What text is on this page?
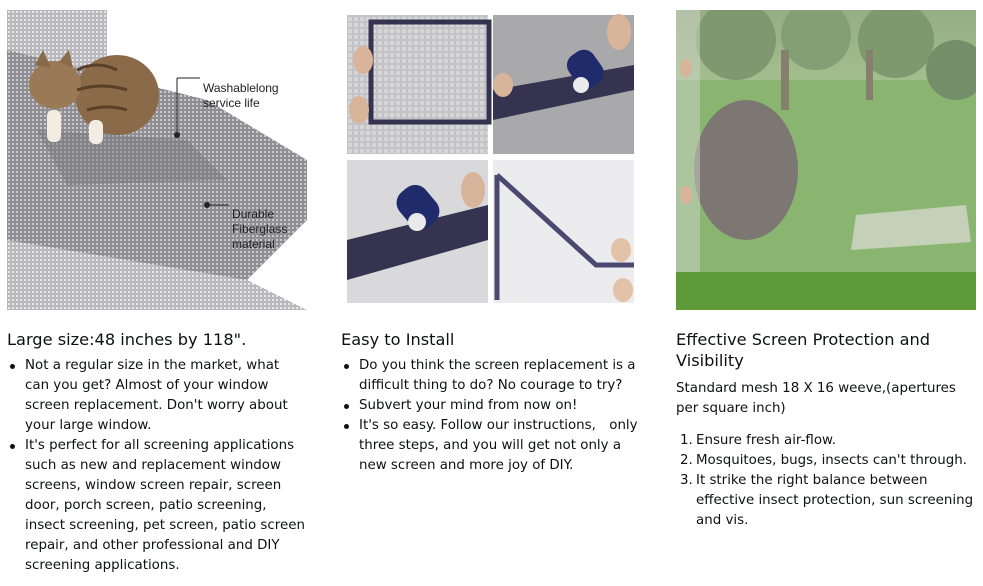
Washablelong
service life
Durable
Fiberglass
material
Large size:48 inches by 118".
Not a regular size in the market, what can you get? Almost of your window screen replacement. Don't worry about your large window.
It's perfect for all screening applications such as new and replacement window screens, window screen repair, screen door, porch screen, patio screening, insect screening, pet screen, patio screen repair, and other professional and DIY screening applications.
Easy to Install
Do you think the screen replacement is a difficult thing to do? No courage to try?
Subvert your mind from now on!
It's so easy. Follow our instructions,　only three steps, and you will get not only a new screen and more joy of DIY.
Effective Screen Protection and Visibility

Standard mesh 18 X 16 weeve,(apertures per square inch)

1. Ensure fresh air-flow.
2. Mosquitoes, bugs, insects can't through.
3. It strike the right balance between effective insect protection, sun screening and vis.
